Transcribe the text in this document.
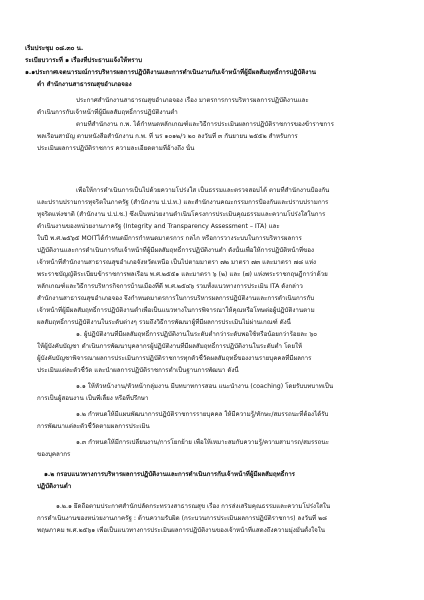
เริ่มประชุม ๐๘.๓๐ น.
ระเบียบวาระที่ ๑ เรื่องที่ประธานแจ้งให้ทราบ
๑.๑ประกาศเจตนารมณ์การบริหารผลการปฏิบัติงานและการดำเนินงานกับเจ้าหน้าที่ผู้มีผลสัมฤทธิ์การปฏิบัติงาน
ต่ำ สำนักงานสาธารณสุขอำเภอจอง
ประกาศสำนักงานสาธารณสุขอำเภอจอง เรื่อง มาตรการการบริหารผลการปฏิบัติงานและ
ดำเนินการกับเจ้าหน้าที่ผู้มีผลสัมฤทธิ์การปฏิบัติงานต่ำ
ตามที่สำนักงาน ก.พ. ได้กำหนดหลักเกณฑ์และวิธีการประเมินผลการปฏิบัติราชการของข้าราชการ
พลเรือนสามัญ ตามหนังสือสำนักงาน ก.พ. ที่ นร ๑๐๑๒/ว ๒๐ ลงวันที่ ๓ กันยายน ๒๕๕๒ สำหรับการ
ประเมินผลการปฏิบัติราชการ ความละเอียดตามที่อ้างถึง นั้น
เพื่อให้การดำเนินการเป็นไปด้วยความโปร่งใส เป็นธรรมและตรวจสอบได้ ตามที่สำนักงานป้องกัน
และปราบปรามการทุจริตในภาครัฐ (สำนักงาน ป.ป.ท.) และสำนักงานคณะกรรมการป้องกันและปราบปรามการ
ทุจริตแห่งชาติ (สำนักงาน ป.ป.ช.) ซึ่งเป็นหน่วยงานดำเนินโครงการประเมินคุณธรรมและความโปร่งใสในการ
ดำเนินงานของหน่วยงานภาครัฐ (Integrity and Transparency Assessment – ITA) และ
ในปี พ.ศ.๒๕๖๕ MOITได้กำหนดมีการกำหนดมาตรการ กลไก หรือการวางระบบในการบริหารผลการ
ปฏิบัติงานและการดำเนินการกับเจ้าหน้าที่ผู้มีผลสัมฤทธิ์การปฏิบัติงานต่ำ ดังนั้นเพื่อให้การปฏิบัติหน้าที่ของ
เจ้าหน้าที่สำนักงานสาธารณสุขอำเภอจังหวัดเหนือ เป็นไปตามมาตรา ๗๒ มาตรา ๗๓ และมาตรา ๗๘ แห่ง
พระราชบัญญัติระเบียบข้าราชการพลเรือน พ.ศ.๒๕๕๑ และมาตรา ๖ (๒) และ (๗) แห่งพระราชกฤษฎีกาว่าด้วย
หลักเกณฑ์และวิธีการบริหารกิจการบ้านเมืองที่ดี พ.ศ.๒๕๔๖ รวมทั้งแนวทางการประเมิน ITA ดังกล่าว
สำนักงานสาธารณสุขอำเภอจอง จึงกำหนดมาตรการในการบริหารผลการปฏิบัติงานและการดำเนินการกับ
เจ้าหน้าที่ผู้มีผลสัมฤทธิ์การปฏิบัติงานต่ำเพื่อเป็นแนวทางในการพิจารณาให้คุณหรือโทษต่อผู้ปฏิบัติงานตาม
ผลสัมฤทธิ์การปฏิบัติงานในระดับต่างๆ รวมถึงวิธีการพัฒนาผู้ที่มีผลการประเมินไม่ผ่านเกณฑ์ ดังนี้
๑. ผู้ปฏิบัติงานที่มีผลสัมฤทธิ์การปฏิบัติงานในระดับต่ำกว่าระดับพอใช้หรือน้อยกว่าร้อยละ ๖๐
ให้ผู้บังคับบัญชา ดำเนินการพัฒนาบุคลากรผู้ปฏิบัติงานที่มีผลสัมฤทธิ์การปฏิบัติงานในระดับต่ำ โดยให้
ผู้บังคับบัญชาพิจารณาผลการประเมินการปฏิบัติราชการทุกตัวชี้วัดผลสัมฤทธิ์ของงานรายบุคคลที่มีผลการ
ประเมินแต่ละตัวชี้วัด และนำผลการปฏิบัติราชการต่ำเป็นฐานการพัฒนา ดังนี้
๑.๑ ให้หัวหน้างาน/หัวหน้ากลุ่มงาน มีบทบาทการสอน แนะนำงาน (coaching) โดยรับบทบาทเป็น
การเป็นผู้สอนงาน เป็นพี่เลี้ยง หรือที่ปรึกษา
๑.๒ กำหนดให้มีแผนพัฒนาการปฏิบัติราชการรายบุคคล ให้มีความรู้/ทักษะ/สมรรถนะที่ต้องได้รับ
การพัฒนาแต่ละตัวชี้วัดตามผลการประเมิน
๑.๓ กำหนดให้มีการเปลี่ยนงาน/การโยกย้าย เพื่อให้เหมาะสมกับความรู้/ความสามารถ/สมรรถนะ
ของบุคลากร
๑.๒ กรอบแนวทางการบริหารผลการปฏิบัติงานและการดำเนินการกับเจ้าหน้าที่ผู้มีผลสัมฤทธิ์การ
ปฏิบัติงานต่ำ
๑.๒.๑ ยึดถือตามประกาศสำนักปลัดกระทรวงสาธารณสุข เรื่อง การส่งเสริมคุณธรรมและความโปร่งใสใน
การดำเนินงานของหน่วยงานภาครัฐ : ด้านความรับผิด (กระบวนการประเมินผลการปฏิบัติราชการ) ลงวันที่ ๒๘
พฤษภาคม พ.ศ.๒๕๖๑ เพื่อเป็นแนวทางการประเมินผลการปฏิบัติงานของเจ้าหน้าที่แสดงถึงความมุ่งมั่นตั้งใจใน
